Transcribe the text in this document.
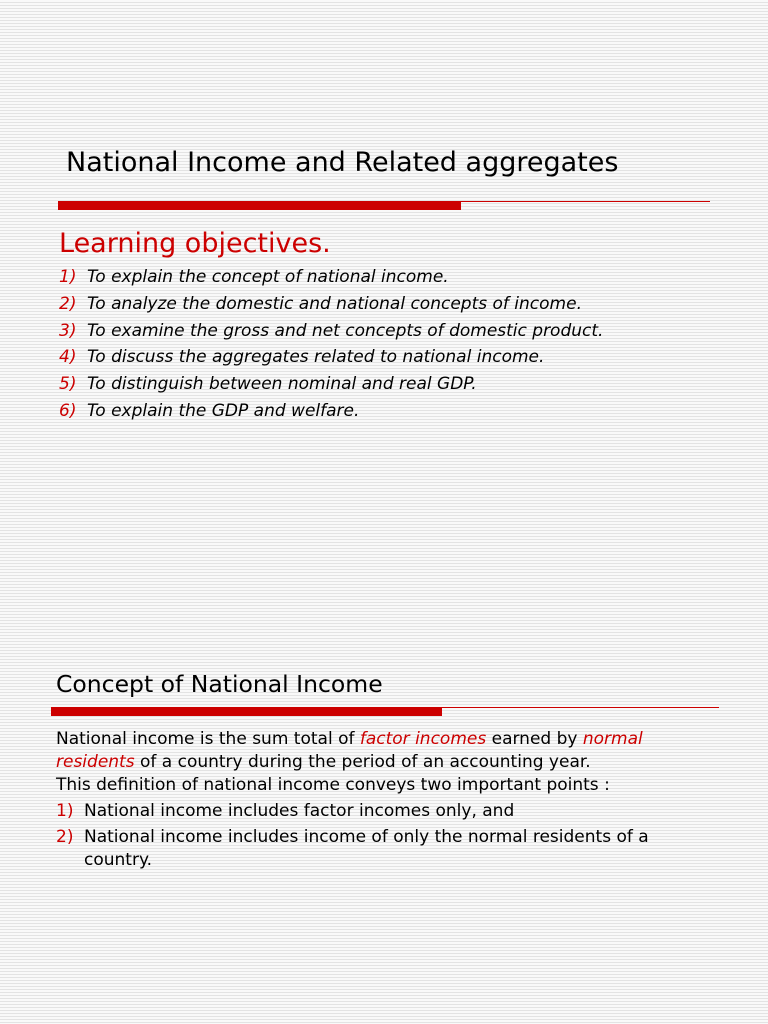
National Income and Related aggregates
Learning objectives.
1) To explain the concept of national income.
2) To analyze the domestic and national concepts of income.
3) To examine the gross and net concepts of domestic product.
4) To discuss the aggregates related to national income.
5) To distinguish between nominal and real GDP.
6) To explain the GDP and welfare.
Concept of National Income

National income is the sum total of factor incomes earned by normal residents of a country during the period of an accounting year.

This definition of national income conveys two important points :

1) National income includes factor incomes only, and
2) National income includes income of only the normal residents of a country.
